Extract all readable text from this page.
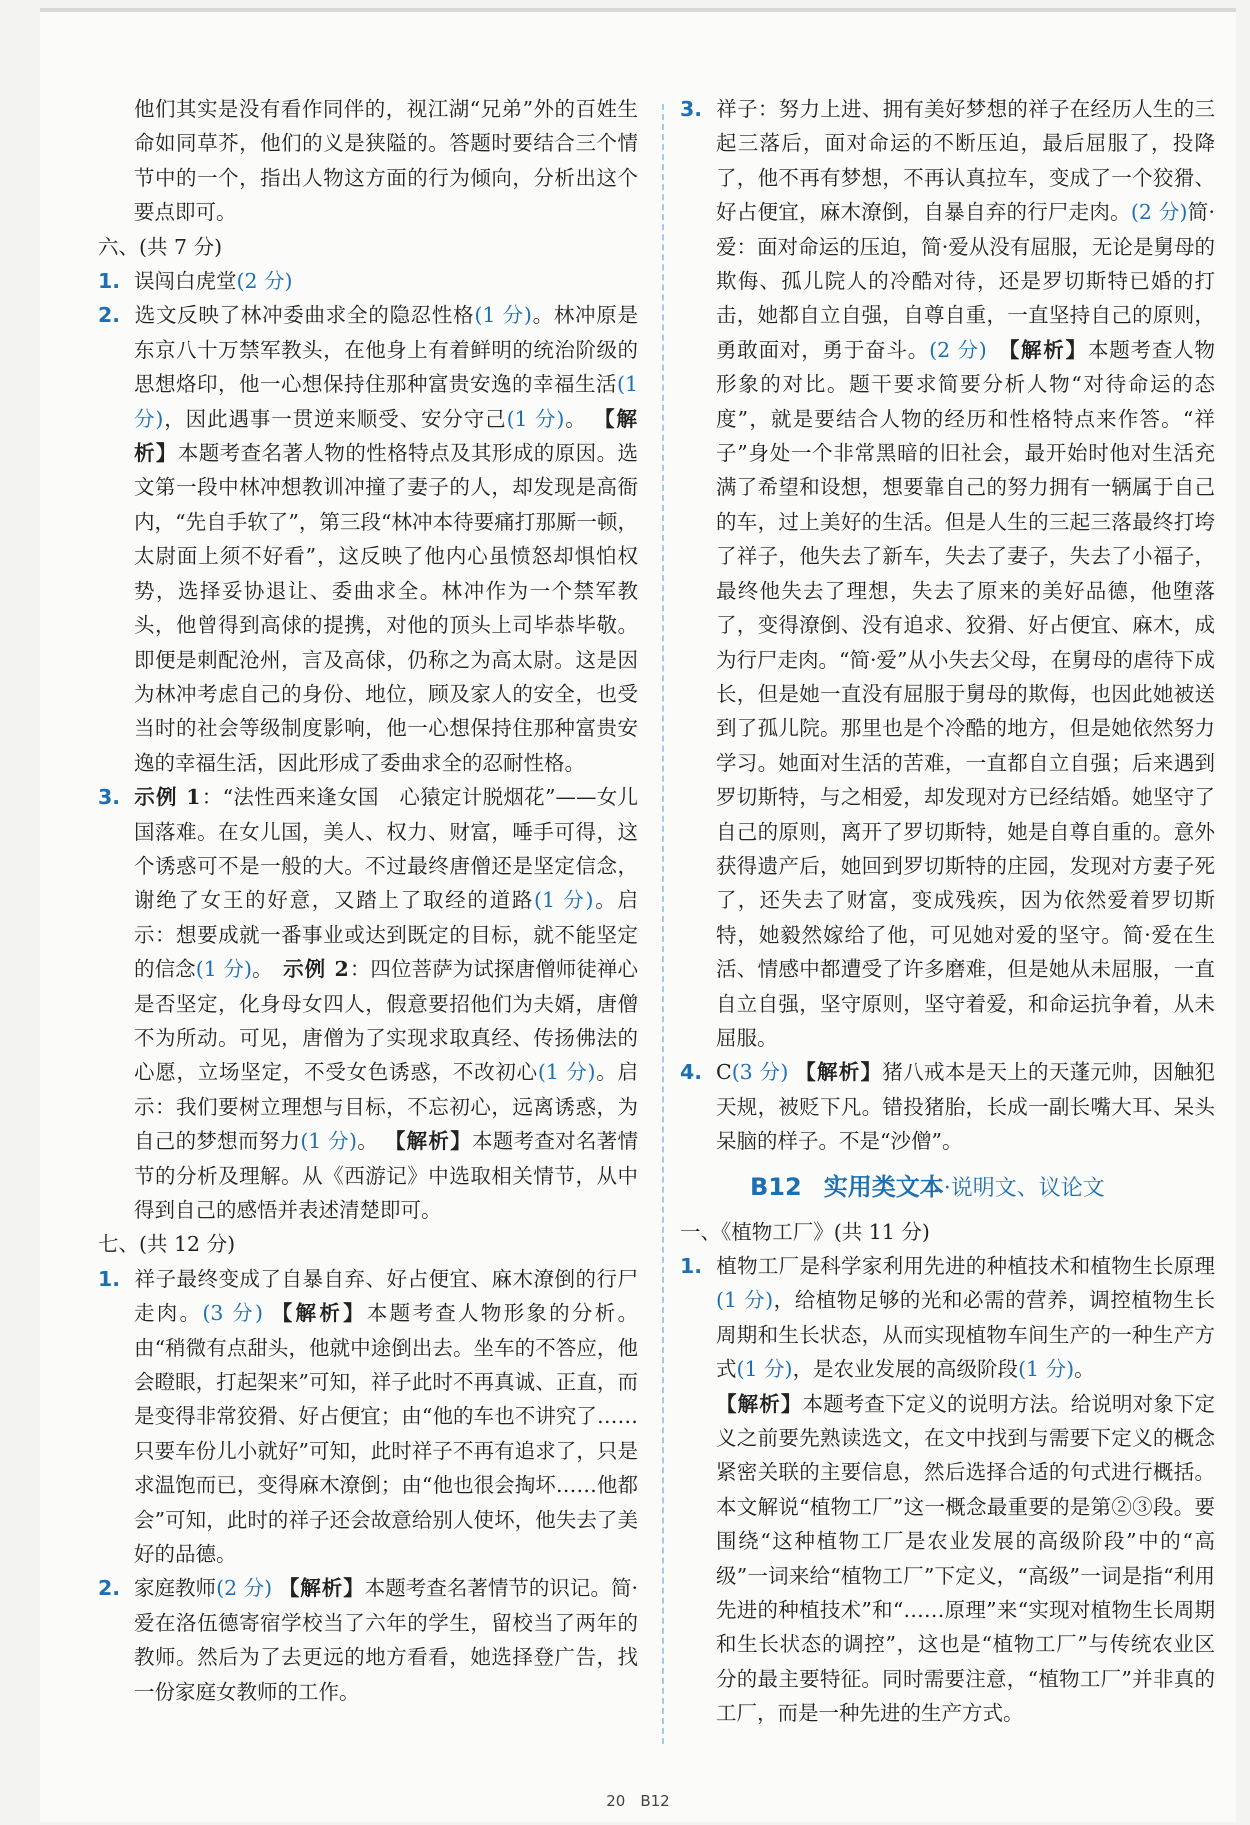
他们其实是没有看作同伴的，视江湖“兄弟”外的百姓生命如同草芥，他们的义是狭隘的。答题时要结合三个情节中的一个，指出人物这方面的行为倾向，分析出这个要点即可。

六、(共 7 分)

1. 误闯白虎堂(2 分)

2. 选文反映了林冲委曲求全的隐忍性格(1 分)。林冲原是东京八十万禁军教头，在他身上有着鲜明的统治阶级的思想烙印，他一心想保持住那种富贵安逸的幸福生活(1 分)，因此遇事一贯逆来顺受、安分守己(1 分)。 【解析】本题考查名著人物的性格特点及其形成的原因。选文第一段中林冲想教训冲撞了妻子的人，却发现是高衙内，“先自手软了”，第三段“林冲本待要痛打那厮一顿，太尉面上须不好看”，这反映了他内心虽愤怒却惧怕权势，选择妥协退让、委曲求全。林冲作为一个禁军教头，他曾得到高俅的提携，对他的顶头上司毕恭毕敬。即便是刺配沧州，言及高俅，仍称之为高太尉。这是因为林冲考虑自己的身份、地位，顾及家人的安全，也受当时的社会等级制度影响，他一心想保持住那种富贵安逸的幸福生活，因此形成了委曲求全的忍耐性格。

3. 示例 1：“法性西来逢女国　心猿定计脱烟花”——女儿国落难。在女儿国，美人、权力、财富，唾手可得，这个诱惑可不是一般的大。不过最终唐僧还是坚定信念，谢绝了女王的好意，又踏上了取经的道路(1 分)。启示：想要成就一番事业或达到既定的目标，就不能坚定的信念(1 分)。　示例 2：四位菩萨为试探唐僧师徒禅心是否坚定，化身母女四人，假意要招他们为夫婿，唐僧不为所动。可见，唐僧为了实现求取真经、传扬佛法的心愿，立场坚定，不受女色诱惑，不改初心(1 分)。启示：我们要树立理想与目标，不忘初心，远离诱惑，为自己的梦想而努力(1 分)。 【解析】本题考查对名著情节的分析及理解。从《西游记》中选取相关情节，从中得到自己的感悟并表述清楚即可。

七、(共 12 分)

1. 祥子最终变成了自暴自弃、好占便宜、麻木潦倒的行尸走肉。(3 分) 【解析】本题考查人物形象的分析。由“稍微有点甜头，他就中途倒出去。坐车的不答应，他会瞪眼，打起架来”可知，祥子此时不再真诚、正直，而是变得非常狡猾、好占便宜；由“他的车也不讲究了……只要车份儿小就好”可知，此时祥子不再有追求了，只是求温饱而已，变得麻木潦倒；由“他也很会掏坏……他都会”可知，此时的祥子还会故意给别人使坏，他失去了美好的品德。

2. 家庭教师(2 分) 【解析】本题考查名著情节的识记。简·爱在洛伍德寄宿学校当了六年的学生，留校当了两年的教师。然后为了去更远的地方看看，她选择登广告，找一份家庭女教师的工作。

3. 祥子：努力上进、拥有美好梦想的祥子在经历人生的三起三落后，面对命运的不断压迫，最后屈服了，投降了，他不再有梦想，不再认真拉车，变成了一个狡猾、好占便宜，麻木潦倒，自暴自弃的行尸走肉。(2 分)简·爱：面对命运的压迫，简·爱从没有屈服，无论是舅母的欺侮、孤儿院人的冷酷对待，还是罗切斯特已婚的打击，她都自立自强，自尊自重，一直坚持自己的原则，勇敢面对，勇于奋斗。(2 分)　 【解析】本题考查人物形象的对比。题干要求简要分析人物“对待命运的态度”，就是要结合人物的经历和性格特点来作答。“祥子”身处一个非常黑暗的旧社会，最开始时他对生活充满了希望和设想，想要靠自己的努力拥有一辆属于自己的车，过上美好的生活。但是人生的三起三落最终打垮了祥子，他失去了新车，失去了妻子，失去了小福子，最终他失去了理想，失去了原来的美好品德，他堕落了，变得潦倒、没有追求、狡猾、好占便宜、麻木，成为行尸走肉。“简·爱”从小失去父母，在舅母的虐待下成长，但是她一直没有屈服于舅母的欺侮，也因此她被送到了孤儿院。那里也是个冷酷的地方，但是她依然努力学习。她面对生活的苦难，一直都自立自强；后来遇到罗切斯特，与之相爱，却发现对方已经结婚。她坚守了自己的原则，离开了罗切斯特，她是自尊自重的。意外获得遗产后，她回到罗切斯特的庄园，发现对方妻子死了，还失去了财富，变成残疾，因为依然爱着罗切斯特，她毅然嫁给了他，可见她对爱的坚守。简·爱在生活、情感中都遭受了许多磨难，但是她从未屈服，一直自立自强，坚守原则，坚守着爱，和命运抗争着，从未屈服。

4. C(3 分) 【解析】猪八戒本是天上的天蓬元帅，因触犯天规，被贬下凡。错投猪胎，长成一副长嘴大耳、呆头呆脑的样子。不是“沙僧”。

B12 实用类文本·说明文、议论文

一、《植物工厂》(共 11 分)

1. 植物工厂是科学家利用先进的种植技术和植物生长原理(1 分)，给植物足够的光和必需的营养，调控植物生长周期和生长状态，从而实现植物车间生产的一种生产方式(1 分)，是农业发展的高级阶段(1 分)。
【解析】本题考查下定义的说明方法。给说明对象下定义之前要先熟读选文，在文中找到与需要下定义的概念紧密关联的主要信息，然后选择合适的句式进行概括。本文解说“植物工厂”这一概念最重要的是第②③段。要围绕“这种植物工厂是农业发展的高级阶段”中的“高级”一词来给“植物工厂”下定义，“高级”一词是指“利用先进的种植技术”和“……原理”来“实现对植物生长周期和生长状态的调控”，这也是“植物工厂”与传统农业区分的最主要特征。同时需要注意，“植物工厂”并非真的工厂，而是一种先进的生产方式。

20　B12
